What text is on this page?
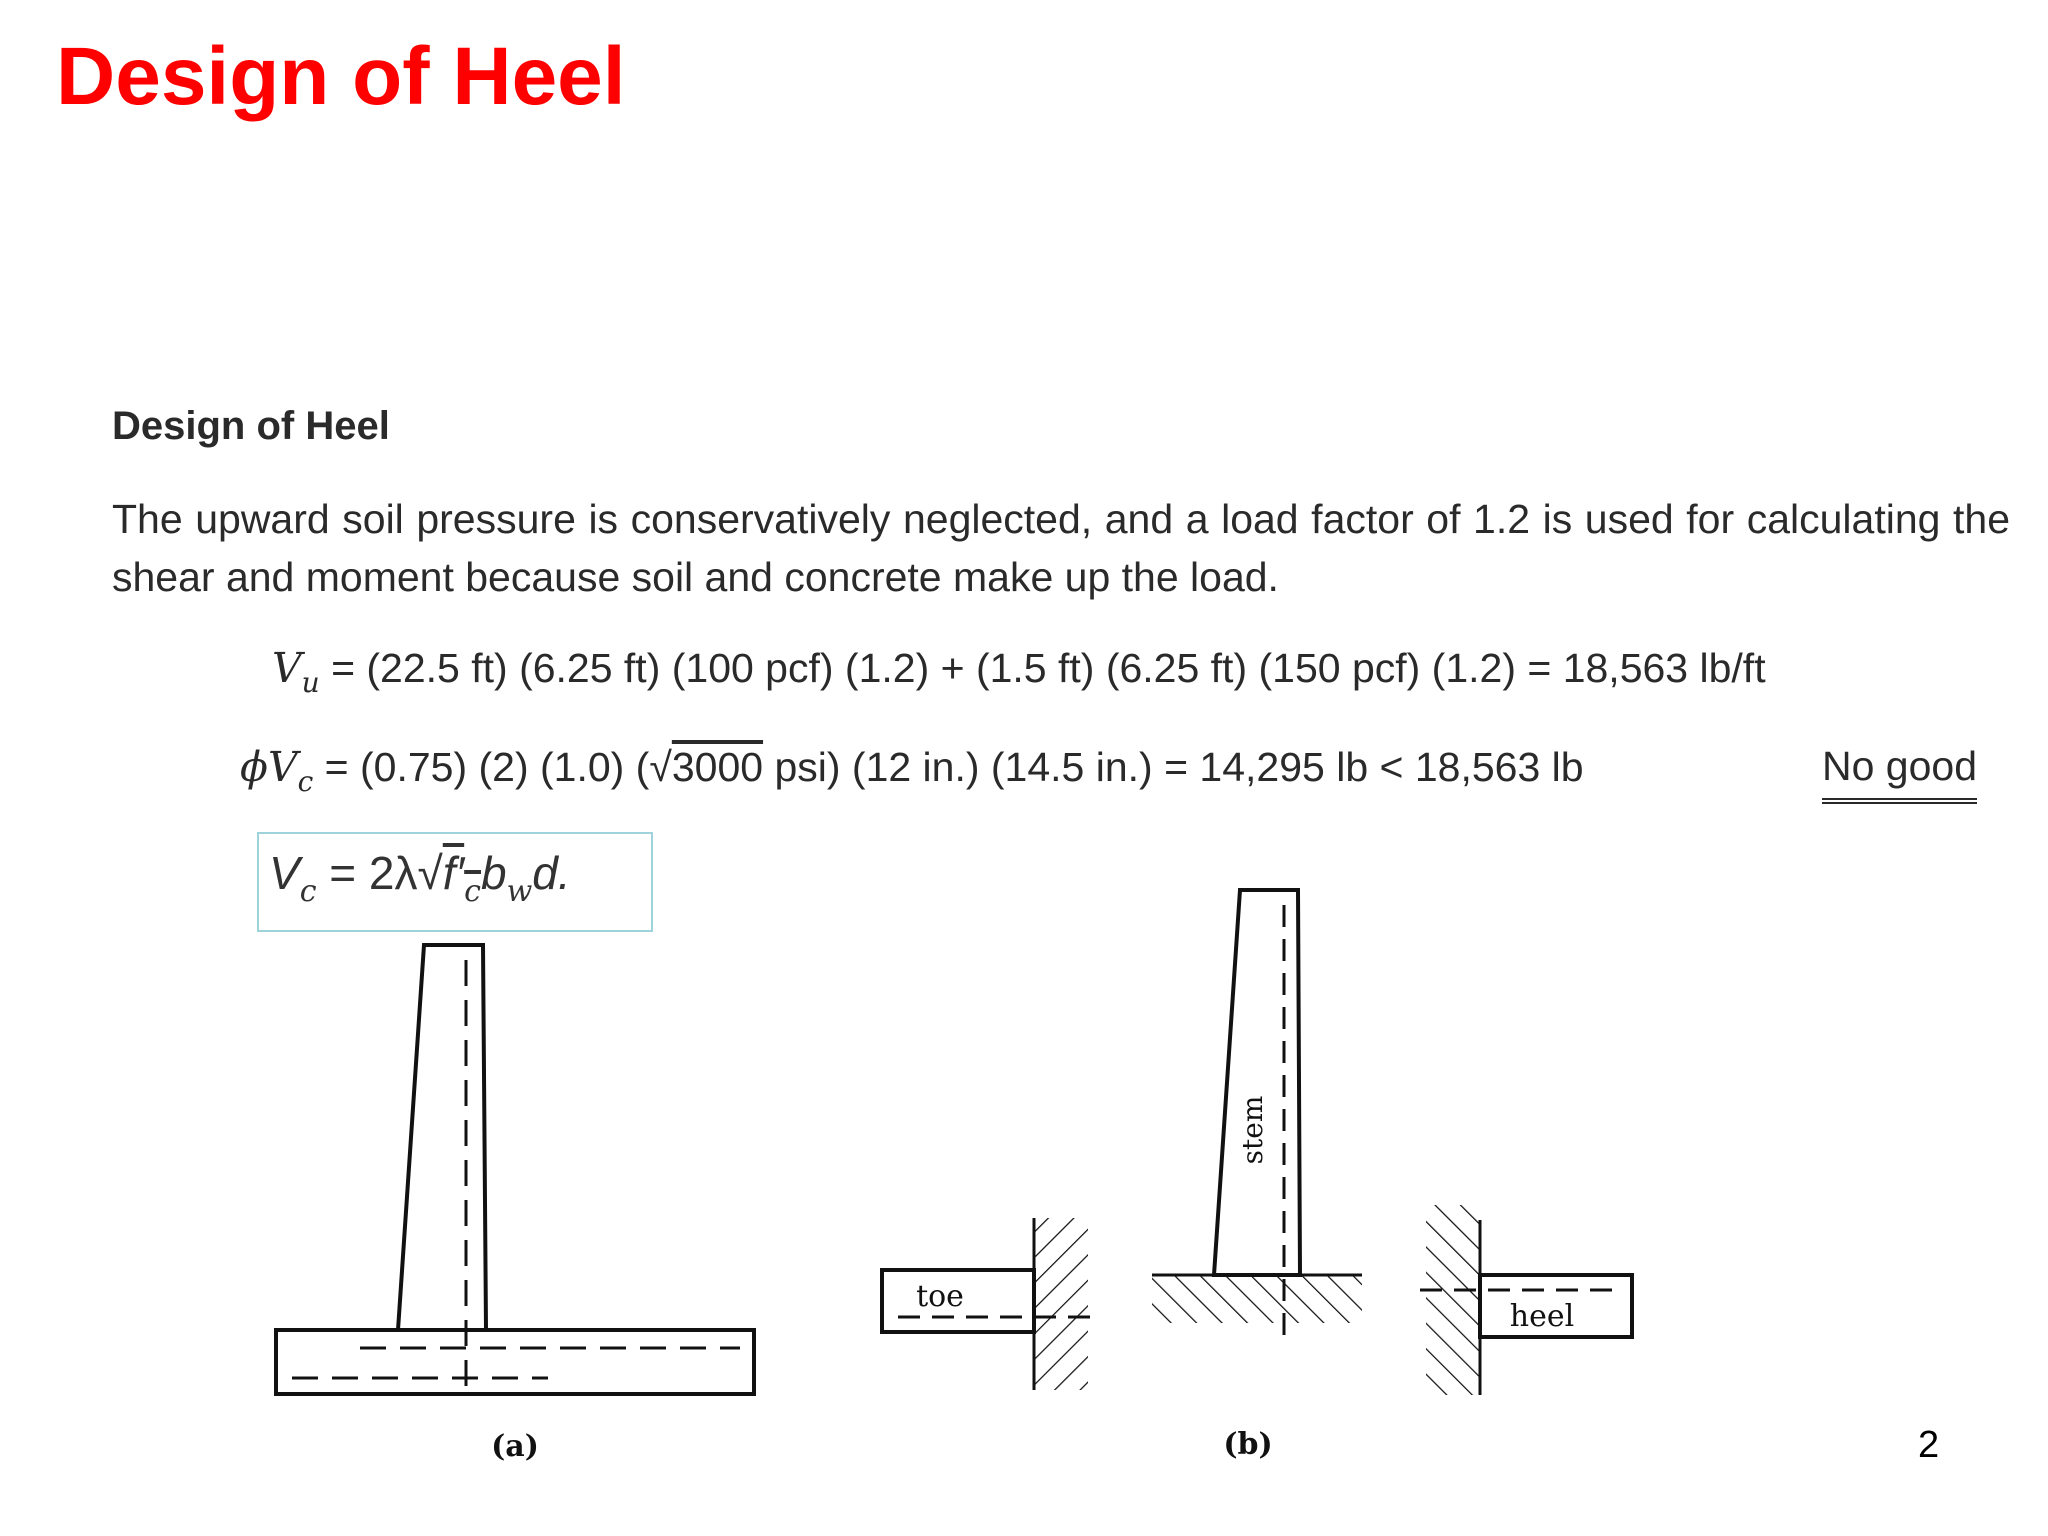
Design of Heel
Design of Heel
The upward soil pressure is conservatively neglected, and a load factor of 1.2 is used for calculating the shear and moment because soil and concrete make up the load.
$V_u = (22.5$ ft) (6.25 ft) (100 pcf) (1.2) + (1.5 ft) (6.25 ft) (150 pcf) (1.2) = 18,563 lb/ft
$\phi V_c = (0.75)$ (2) (1.0) (√3000 psi) (12 in.) (14.5 in.) = 14,295 lb < 18,563 lb	No good
$V_c = 2\lambda√f'_cb_wd$.
toe
heel
stem
(a)	(b)	2
